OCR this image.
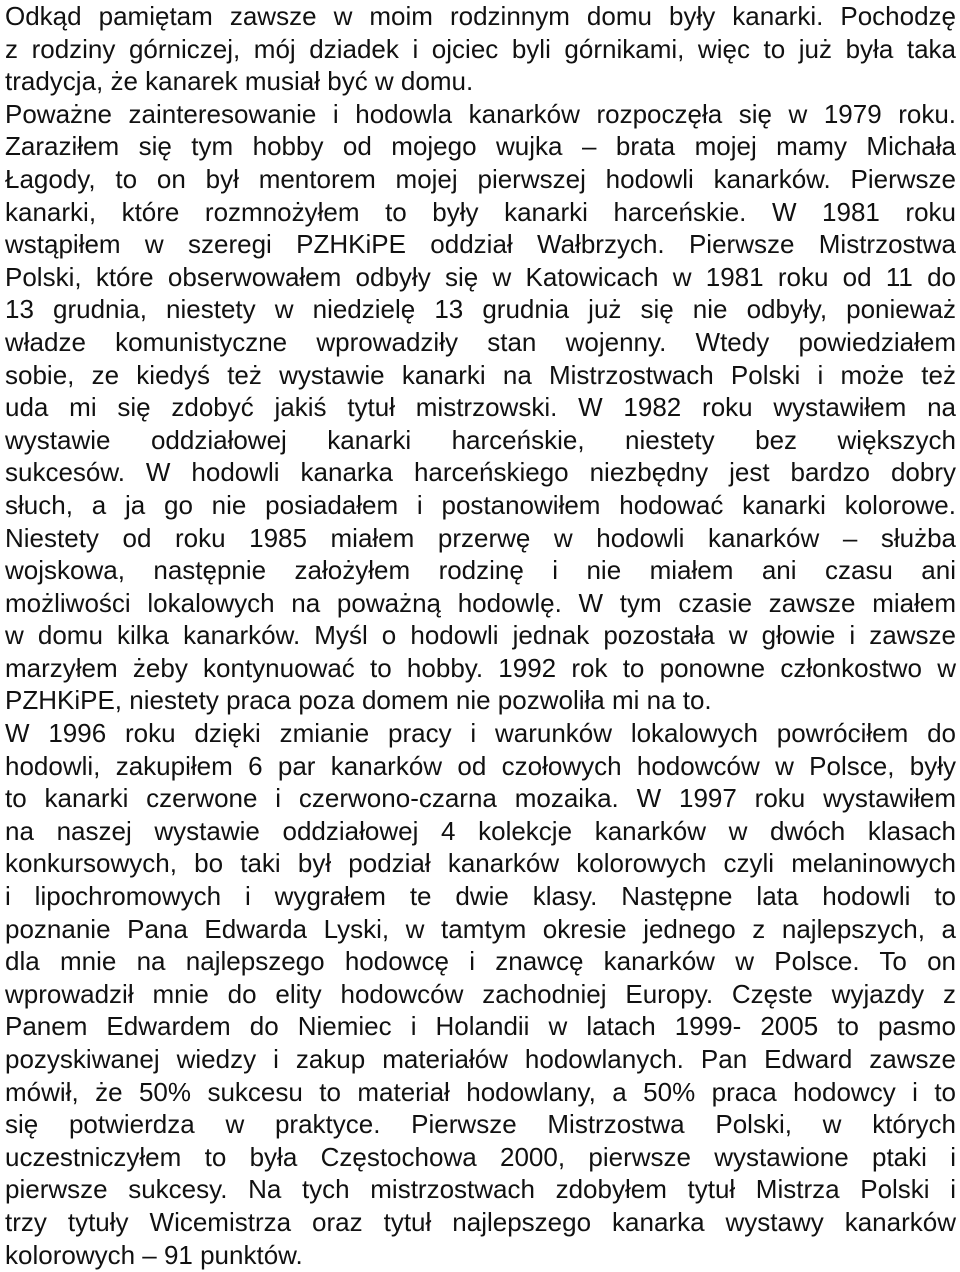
Odkąd pamiętam zawsze w moim rodzinnym domu były kanarki. Pochodzę
z rodziny górniczej, mój dziadek i ojciec byli górnikami, więc to już była taka
tradycja, że kanarek musiał być w domu.

Poważne zainteresowanie i hodowla kanarków rozpoczęła się w 1979 roku.
Zaraziłem się tym hobby od mojego wujka – brata mojej mamy Michała
Łagody, to on był mentorem mojej pierwszej hodowli kanarków. Pierwsze
kanarki, które rozmnożyłem to były kanarki harceńskie. W 1981 roku
wstąpiłem w szeregi PZHKiPE oddział Wałbrzych. Pierwsze Mistrzostwa
Polski, które obserwowałem odbyły się w Katowicach w 1981 roku od 11 do
13 grudnia, niestety w niedzielę 13 grudnia już się nie odbyły, ponieważ
władze komunistyczne wprowadziły stan wojenny. Wtedy powiedziałem
sobie, ze kiedyś też wystawie kanarki na Mistrzostwach Polski i może też
uda mi się zdobyć jakiś tytuł mistrzowski. W 1982 roku wystawiłem na
wystawie oddziałowej kanarki harceńskie, niestety bez większych
sukcesów. W hodowli kanarka harceńskiego niezbędny jest bardzo dobry
słuch, a ja go nie posiadałem i postanowiłem hodować kanarki kolorowe.
Niestety od roku 1985 miałem przerwę w hodowli kanarków – służba
wojskowa, następnie założyłem rodzinę i nie miałem ani czasu ani
możliwości lokalowych na poważną hodowlę. W tym czasie zawsze miałem
w domu kilka kanarków. Myśl o hodowli jednak pozostała w głowie i zawsze
marzyłem żeby kontynuować to hobby. 1992 rok to ponowne członkostwo w
PZHKiPE, niestety praca poza domem nie pozwoliła mi na to.

W 1996 roku dzięki zmianie pracy i warunków lokalowych powróciłem do
hodowli, zakupiłem 6 par kanarków od czołowych hodowców w Polsce, były
to kanarki czerwone i czerwono-czarna mozaika. W 1997 roku wystawiłem
na naszej wystawie oddziałowej 4 kolekcje kanarków w dwóch klasach
konkursowych, bo taki był podział kanarków kolorowych czyli melaninowych
i lipochromowych i wygrałem te dwie klasy. Następne lata hodowli to
poznanie Pana Edwarda Lyski, w tamtym okresie jednego z najlepszych, a
dla mnie na najlepszego hodowcę i znawcę kanarków w Polsce. To on
wprowadził mnie do elity hodowców zachodniej Europy. Częste wyjazdy z
Panem Edwardem do Niemiec i Holandii w latach 1999- 2005 to pasmo
pozyskiwanej wiedzy i zakup materiałów hodowlanych. Pan Edward zawsze
mówił, że 50% sukcesu to materiał hodowlany, a 50% praca hodowcy i to
się potwierdza w praktyce. Pierwsze Mistrzostwa Polski, w których
uczestniczyłem to była Częstochowa 2000, pierwsze wystawione ptaki i
pierwsze sukcesy. Na tych mistrzostwach zdobyłem tytuł Mistrza Polski i
trzy tytuły Wicemistrza oraz tytuł najlepszego kanarka wystawy kanarków
kolorowych – 91 punktów.
